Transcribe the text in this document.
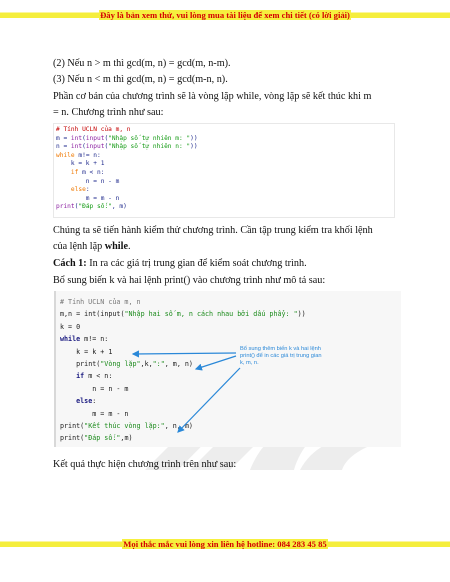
Đây là bản xem thử, vui lòng mua tài liệu để xem chi tiết (có lời giải)
(2) Nếu n > m thì gcd(m, n) = gcd(m, n-m).
(3) Nếu n < m thì gcd(m, n) = gcd(m-n, n).
Phần cơ bản của chương trình sẽ là vòng lặp while, vòng lặp sẽ kết thúc khi m
= n. Chương trình như sau:
# Tính UCLN của m, n
m = int(input("Nhập số tự nhiên m: "))
n = int(input("Nhập số tự nhiên n: "))
while m!= n:
k = k + 1
if m < n:
n = n - m
else:
m = m - n
print("Đáp số:", m)
Chúng ta sẽ tiến hành kiểm thử chương trình. Cần tập trung kiểm tra khối lệnh
của lệnh lặp while.
Cách 1: In ra các giá trị trung gian để kiểm soát chương trình.
Bổ sung biến k và hai lệnh print() vào chương trình như mô tả sau:
# Tính UCLN của m, n
m,n = int(input("Nhập hai số m, n cách nhau bởi dấu phẩy: "))
k = 0
while m!= n:
k = k + 1
print("Vòng lặp",k,":", m, n)
if m < n:
n = n - m
else:
m = m - n
print("Kết thúc vòng lặp:", n, m)
print("Đáp số:",m)
Bổ sung thêm biến k và hai lệnh
print() để in các giá trị trung gian
k, m, n.
Kết quả thực hiện chương trình trên như sau:
Mọi thắc mắc vui lòng xin liên hệ hotline: 084 283 45 85
